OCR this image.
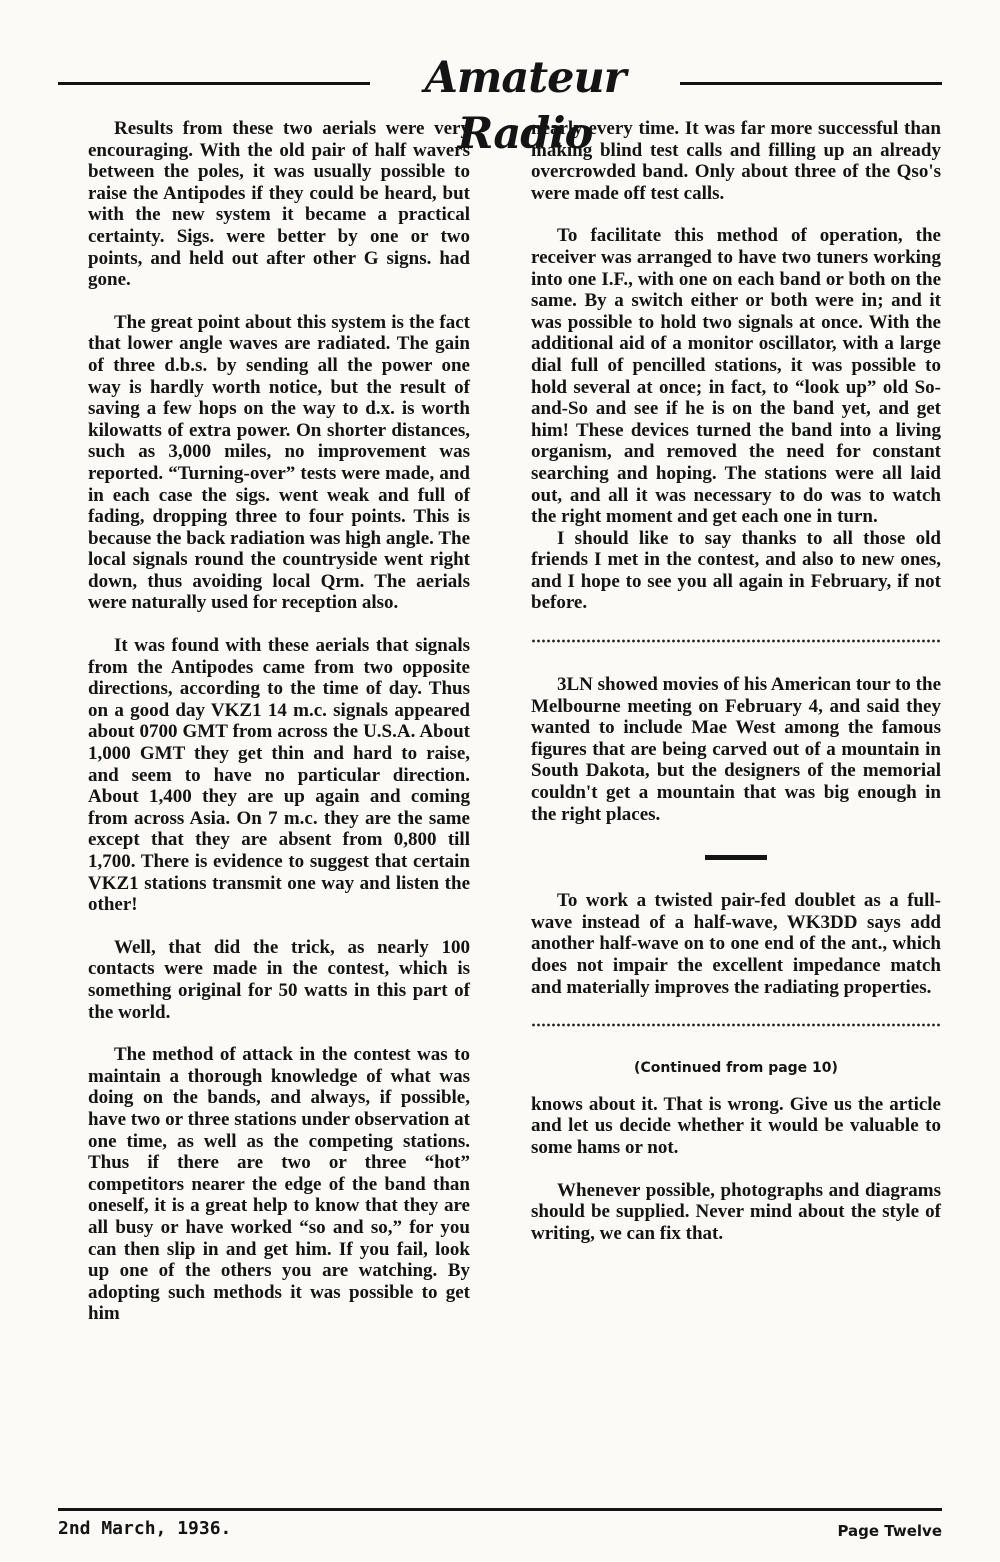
Amateur Radio

Results from these two aerials were very encouraging. With the old pair of half wavers between the poles, it was usually possible to raise the Antipodes if they could be heard, but with the new system it became a practical certainty. Sigs. were better by one or two points, and held out after other G signs. had gone.

The great point about this system is the fact that lower angle waves are radiated. The gain of three d.b.s. by sending all the power one way is hardly worth notice, but the result of saving a few hops on the way to d.x. is worth kilowatts of extra power. On shorter distances, such as 3,000 miles, no improvement was reported. “Turning-over” tests were made, and in each case the sigs. went weak and full of fading, dropping three to four points. This is because the back radiation was high angle. The local signals round the countryside went right down, thus avoiding local Qrm. The aerials were naturally used for reception also.

It was found with these aerials that signals from the Antipodes came from two opposite directions, according to the time of day. Thus on a good day VKZ1 14 m.c. signals appeared about 0700 GMT from across the U.S.A. About 1,000 GMT they get thin and hard to raise, and seem to have no particular direction. About 1,400 they are up again and coming from across Asia. On 7 m.c. they are the same except that they are absent from 0,800 till 1,700. There is evidence to suggest that certain VKZ1 stations transmit one way and listen the other!

Well, that did the trick, as nearly 100 contacts were made in the contest, which is something original for 50 watts in this part of the world.

The method of attack in the contest was to maintain a thorough knowledge of what was doing on the bands, and always, if possible, have two or three stations under observation at one time, as well as the competing stations. Thus if there are two or three “hot” competitors nearer the edge of the band than oneself, it is a great help to know that they are all busy or have worked “so and so,” for you can then slip in and get him. If you fail, look up one of the others you are watching. By adopting such methods it was possible to get him

nearly every time. It was far more successful than making blind test calls and filling up an already overcrowded band. Only about three of the Qso's were made off test calls.

To facilitate this method of operation, the receiver was arranged to have two tuners working into one I.F., with one on each band or both on the same. By a switch either or both were in; and it was possible to hold two signals at once. With the additional aid of a monitor oscillator, with a large dial full of pencilled stations, it was possible to hold several at once; in fact, to “look up” old So-and-So and see if he is on the band yet, and get him! These devices turned the band into a living organism, and removed the need for constant searching and hoping. The stations were all laid out, and all it was necessary to do was to watch the right moment and get each one in turn.

I should like to say thanks to all those old friends I met in the contest, and also to new ones, and I hope to see you all again in February, if not before.

3LN showed movies of his American tour to the Melbourne meeting on February 4, and said they wanted to include Mae West among the famous figures that are being carved out of a mountain in South Dakota, but the designers of the memorial couldn't get a mountain that was big enough in the right places.

To work a twisted pair-fed doublet as a full-wave instead of a half-wave, WK3DD says add another half-wave on to one end of the ant., which does not impair the excellent impedance match and materially improves the radiating properties.

(Continued from page 10)

knows about it. That is wrong. Give us the article and let us decide whether it would be valuable to some hams or not.

Whenever possible, photographs and diagrams should be supplied. Never mind about the style of writing, we can fix that.

2nd March, 1936.	Page Twelve
